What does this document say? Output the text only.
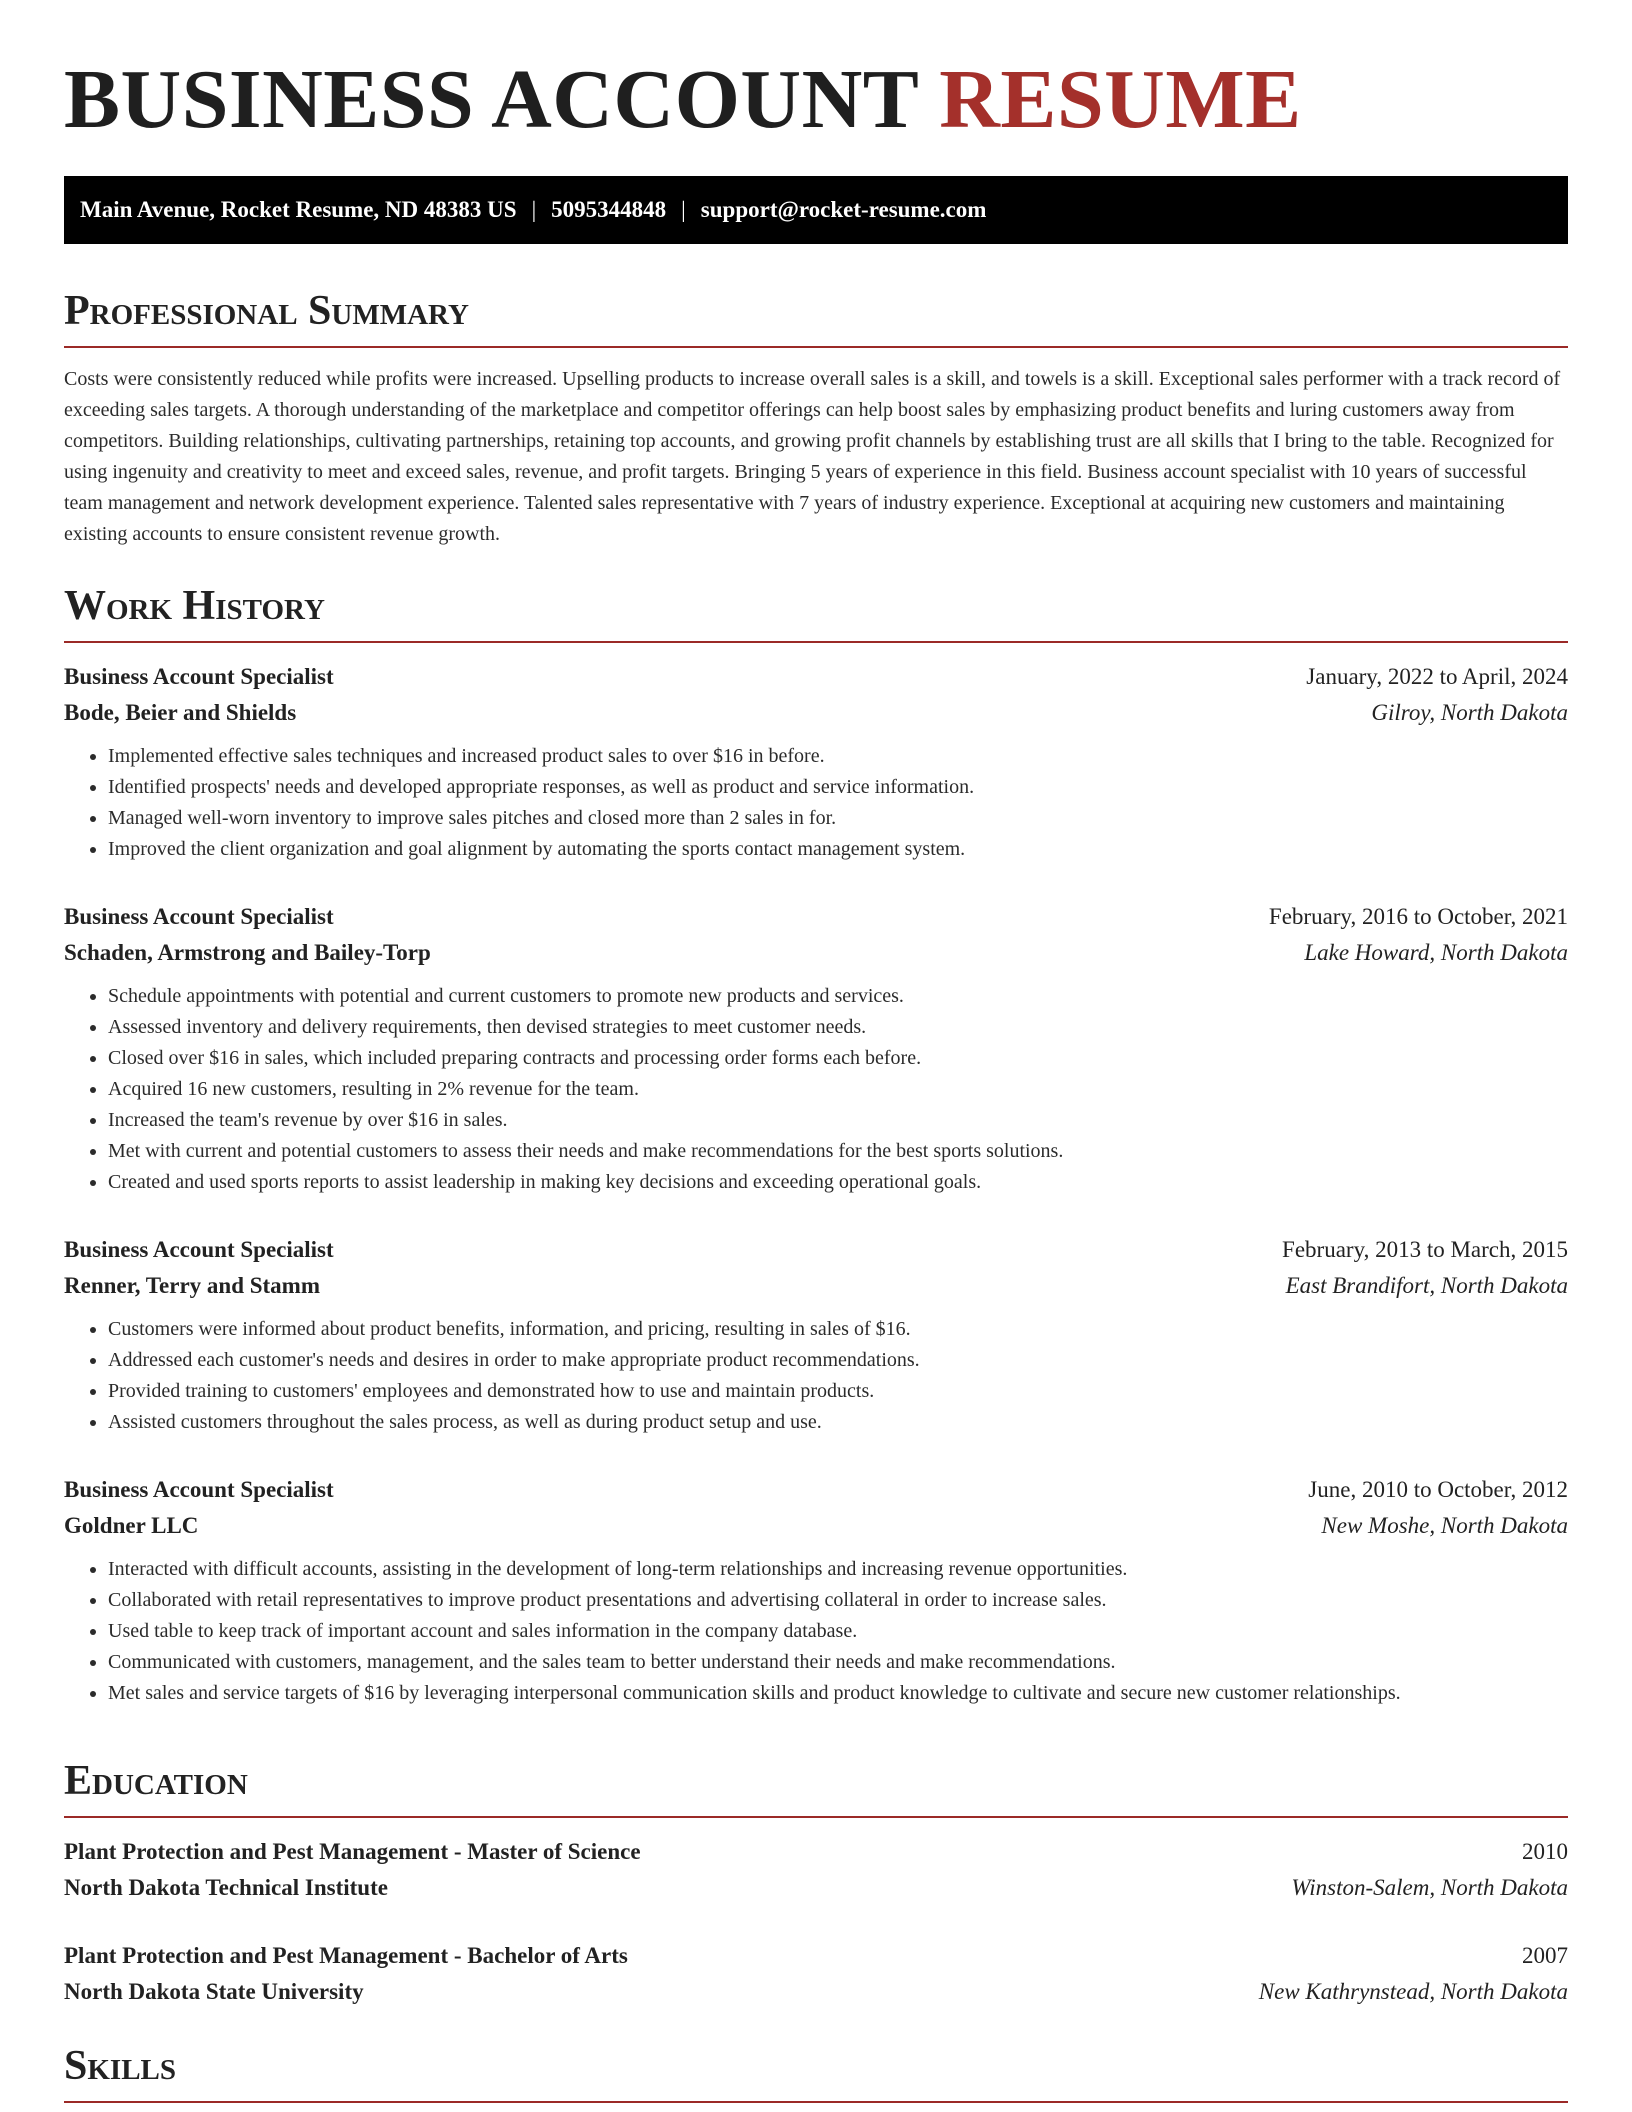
BUSINESS ACCOUNT RESUME
Main Avenue, Rocket Resume, ND 48383 US | 5095344848 | support@rocket-resume.com
Professional Summary

Costs were consistently reduced while profits were increased. Upselling products to increase overall sales is a skill, and towels is a skill. Exceptional sales performer with a track record of exceeding sales targets. A thorough understanding of the marketplace and competitor offerings can help boost sales by emphasizing product benefits and luring customers away from competitors. Building relationships, cultivating partnerships, retaining top accounts, and growing profit channels by establishing trust are all skills that I bring to the table. Recognized for using ingenuity and creativity to meet and exceed sales, revenue, and profit targets. Bringing 5 years of experience in this field. Business account specialist with 10 years of successful team management and network development experience. Talented sales representative with 7 years of industry experience. Exceptional at acquiring new customers and maintaining existing accounts to ensure consistent revenue growth.

Work History
Business Account Specialist	January, 2022 to April, 2024
Bode, Beier and Shields	Gilroy, North Dakota
• Implemented effective sales techniques and increased product sales to over $16 in before.
• Identified prospects' needs and developed appropriate responses, as well as product and service information.
• Managed well-worn inventory to improve sales pitches and closed more than 2 sales in for.
• Improved the client organization and goal alignment by automating the sports contact management system.
Business Account Specialist	February, 2016 to October, 2021
Schaden, Armstrong and Bailey-Torp	Lake Howard, North Dakota
• Schedule appointments with potential and current customers to promote new products and services.
• Assessed inventory and delivery requirements, then devised strategies to meet customer needs.
• Closed over $16 in sales, which included preparing contracts and processing order forms each before.
• Acquired 16 new customers, resulting in 2% revenue for the team.
• Increased the team's revenue by over $16 in sales.
• Met with current and potential customers to assess their needs and make recommendations for the best sports solutions.
• Created and used sports reports to assist leadership in making key decisions and exceeding operational goals.
Business Account Specialist	February, 2013 to March, 2015
Renner, Terry and Stamm	East Brandifort, North Dakota
• Customers were informed about product benefits, information, and pricing, resulting in sales of $16.
• Addressed each customer's needs and desires in order to make appropriate product recommendations.
• Provided training to customers' employees and demonstrated how to use and maintain products.
• Assisted customers throughout the sales process, as well as during product setup and use.
Business Account Specialist	June, 2010 to October, 2012
Goldner LLC	New Moshe, North Dakota
• Interacted with difficult accounts, assisting in the development of long-term relationships and increasing revenue opportunities.
• Collaborated with retail representatives to improve product presentations and advertising collateral in order to increase sales.
• Used table to keep track of important account and sales information in the company database.
• Communicated with customers, management, and the sales team to better understand their needs and make recommendations.
• Met sales and service targets of $16 by leveraging interpersonal communication skills and product knowledge to cultivate and secure new customer relationships.
Education
Plant Protection and Pest Management - Master of Science	2010
North Dakota Technical Institute	Winston-Salem, North Dakota
Plant Protection and Pest Management - Bachelor of Arts	2007
North Dakota State University	New Kathrynstead, North Dakota
Skills
